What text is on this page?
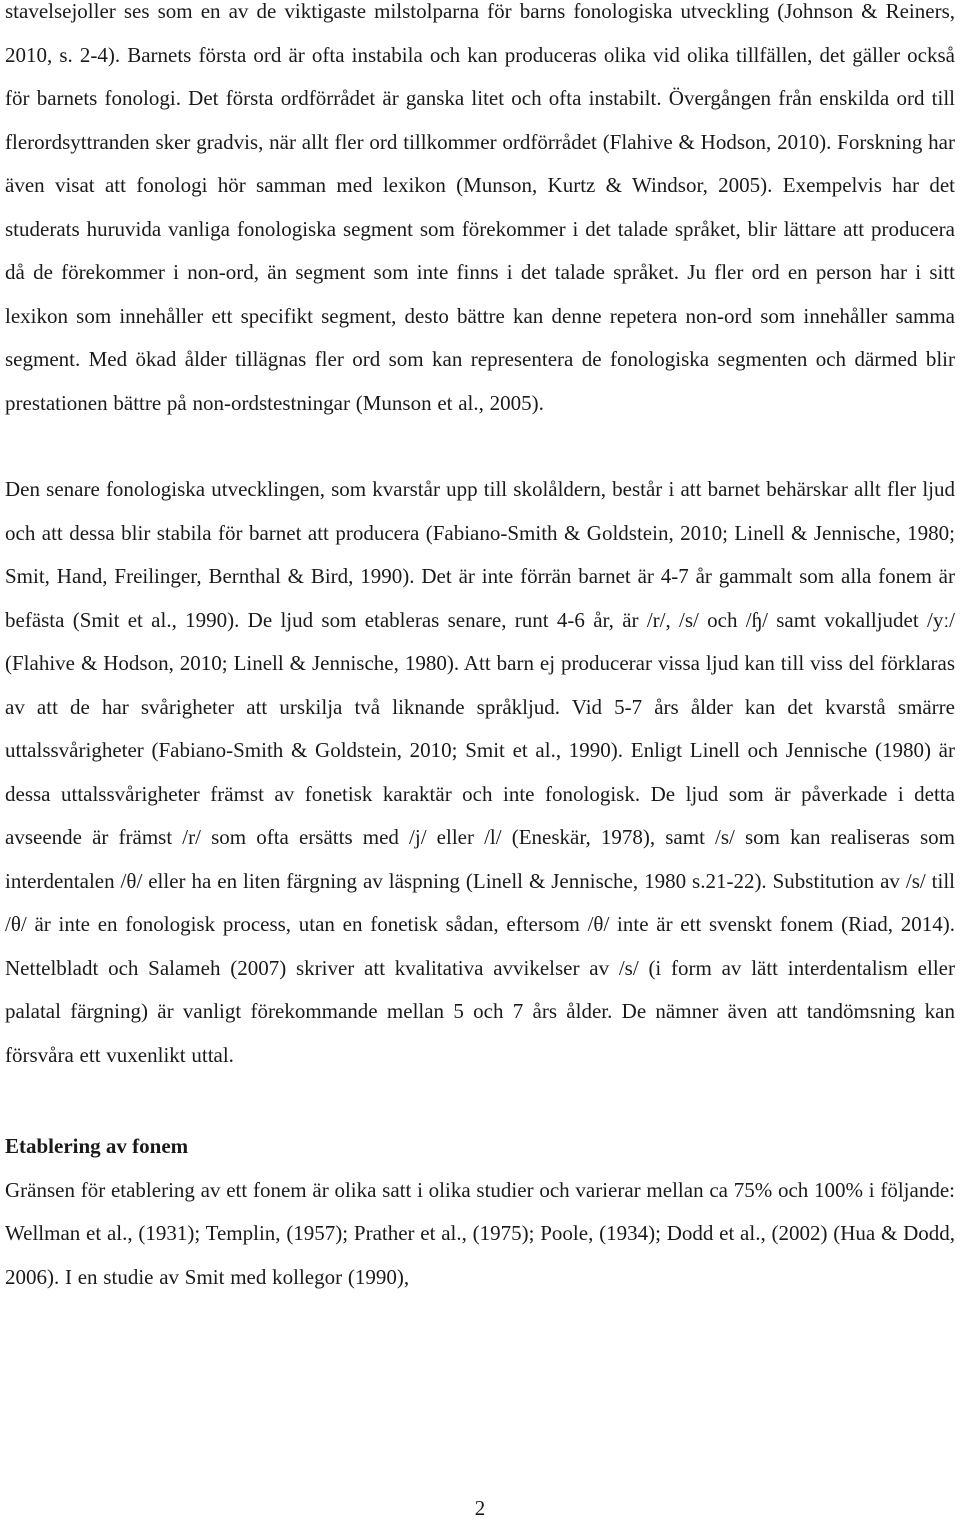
stavelsejoller ses som en av de viktigaste milstolparna för barns fonologiska utveckling (Johnson & Reiners, 2010, s. 2-4). Barnets första ord är ofta instabila och kan produceras olika vid olika tillfällen, det gäller också för barnets fonologi. Det första ordförrådet är ganska litet och ofta instabilt. Övergången från enskilda ord till flerordsyttranden sker gradvis, när allt fler ord tillkommer ordförrådet (Flahive & Hodson, 2010). Forskning har även visat att fonologi hör samman med lexikon (Munson, Kurtz & Windsor, 2005). Exempelvis har det studerats huruvida vanliga fonologiska segment som förekommer i det talade språket, blir lättare att producera då de förekommer i non-ord, än segment som inte finns i det talade språket. Ju fler ord en person har i sitt lexikon som innehåller ett specifikt segment, desto bättre kan denne repetera non-ord som innehåller samma segment. Med ökad ålder tillägnas fler ord som kan representera de fonologiska segmenten och därmed blir prestationen bättre på non-ordstestningar (Munson et al., 2005).

Den senare fonologiska utvecklingen, som kvarstår upp till skolåldern, består i att barnet behärskar allt fler ljud och att dessa blir stabila för barnet att producera (Fabiano-Smith & Goldstein, 2010; Linell & Jennische, 1980; Smit, Hand, Freilinger, Bernthal & Bird, 1990). Det är inte förrän barnet är 4-7 år gammalt som alla fonem är befästa (Smit et al., 1990). De ljud som etableras senare, runt 4-6 år, är /r/, /s/ och /ɧ/ samt vokalljudet /yː/ (Flahive & Hodson, 2010; Linell & Jennische, 1980). Att barn ej producerar vissa ljud kan till viss del förklaras av att de har svårigheter att urskilja två liknande språkljud. Vid 5-7 års ålder kan det kvarstå smärre uttalssvårigheter (Fabiano-Smith & Goldstein, 2010; Smit et al., 1990). Enligt Linell och Jennische (1980) är dessa uttalssvårigheter främst av fonetisk karaktär och inte fonologisk. De ljud som är påverkade i detta avseende är främst /r/ som ofta ersätts med /j/ eller /l/ (Eneskär, 1978), samt /s/ som kan realiseras som interdentalen /θ/ eller ha en liten färgning av läspning (Linell & Jennische, 1980 s.21-22). Substitution av /s/ till /θ/ är inte en fonologisk process, utan en fonetisk sådan, eftersom /θ/ inte är ett svenskt fonem (Riad, 2014). Nettelbladt och Salameh (2007) skriver att kvalitativa avvikelser av /s/ (i form av lätt interdentalism eller palatal färgning) är vanligt förekommande mellan 5 och 7 års ålder. De nämner även att tandömsning kan försvåra ett vuxenlikt uttal.

Etablering av fonem

Gränsen för etablering av ett fonem är olika satt i olika studier och varierar mellan ca 75% och 100% i följande: Wellman et al., (1931); Templin, (1957); Prather et al., (1975); Poole, (1934); Dodd et al., (2002) (Hua & Dodd, 2006). I en studie av Smit med kollegor (1990),

2
